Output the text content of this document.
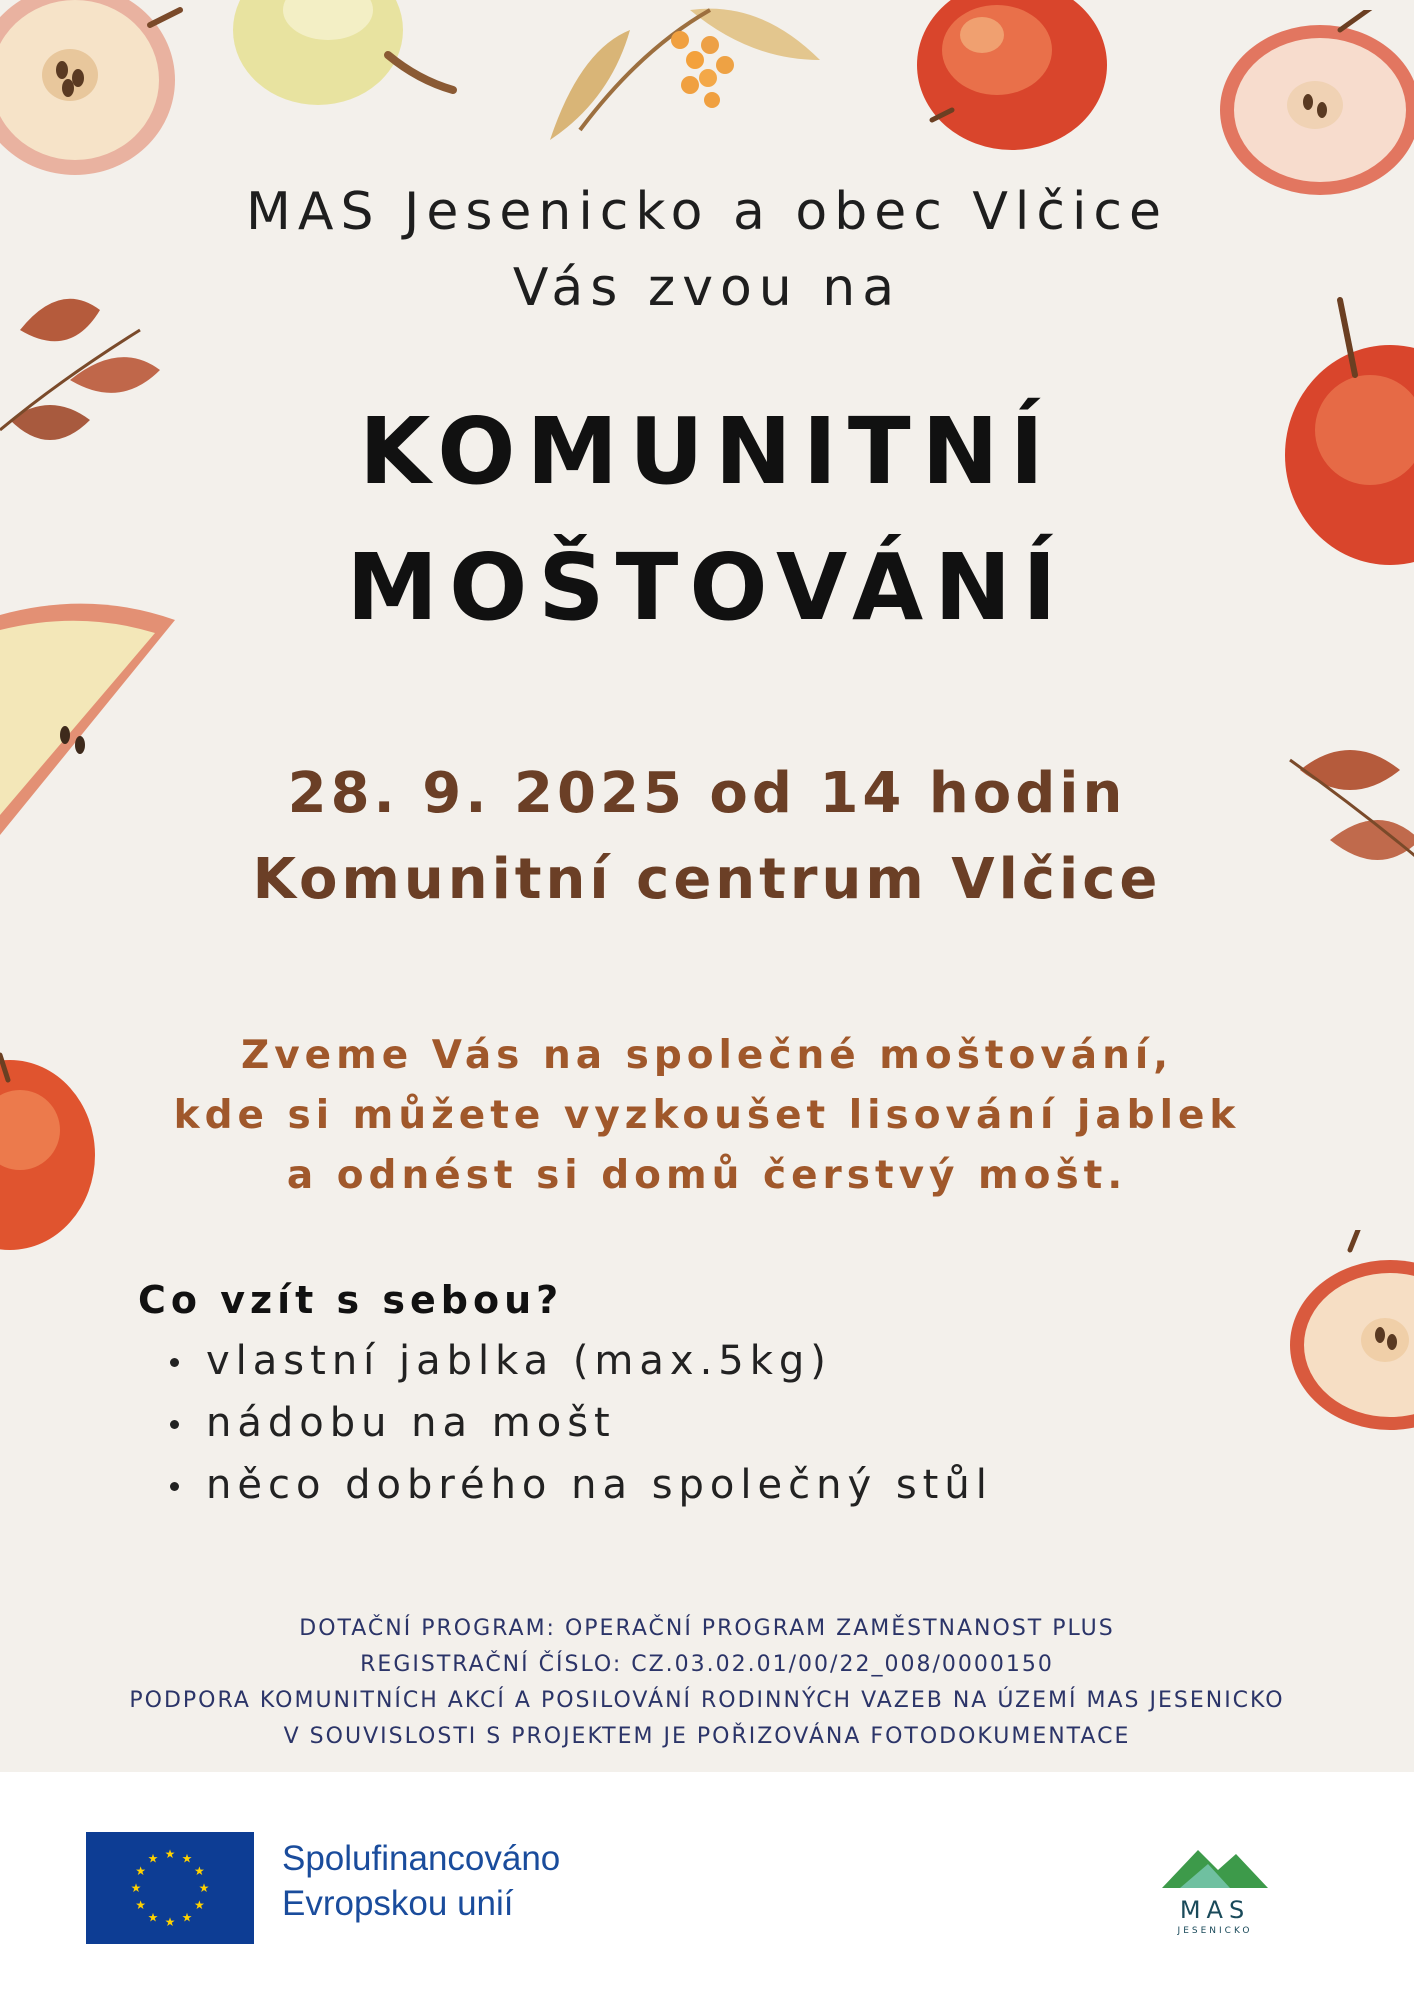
MAS Jesenicko a obec Vlčice
Vás zvou na
KOMUNITNÍ
MOŠTOVÁNÍ
28. 9. 2025 od 14 hodin
Komunitní centrum Vlčice
Zveme Vás na společné moštování,
kde si můžete vyzkoušet lisování jablek
a odnést si domů čerstvý mošt.
Co vzít s sebou?
vlastní jablka (max.5kg)
nádobu na mošt
něco dobrého na společný stůl
DOTAČNÍ PROGRAM: OPERAČNÍ PROGRAM ZAMĚSTNANOST PLUS
REGISTRAČNÍ ČÍSLO: CZ.03.02.01/00/22_008/0000150
PODPORA KOMUNITNÍCH AKCÍ A POSILOVÁNÍ RODINNÝCH VAZEB NA ÚZEMÍ MAS JESENICKO
V SOUVISLOSTI S PROJEKTEM JE POŘIZOVÁNA FOTODOKUMENTACE
★ ★
★
★
★
★
★
★
★
★
★
★	Spolufinancováno
Evropskou unií	MAS
JESENICKO
